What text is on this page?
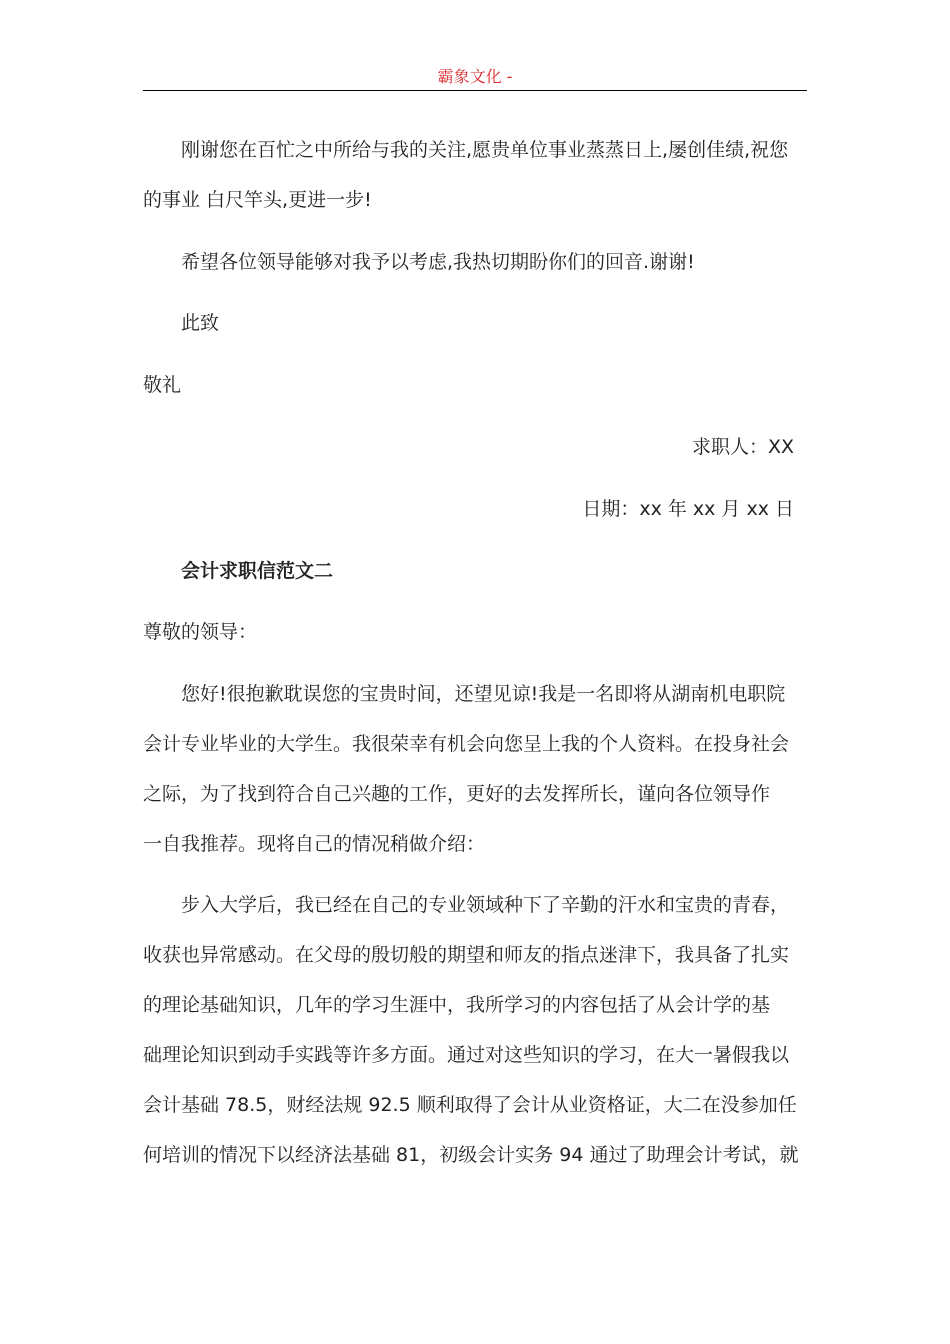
霸象文化 -
刚谢您在百忙之中所给与我的关注,愿贵单位事业蒸蒸日上,屡创佳绩,祝您
的事业 白尺竿头,更进一步!
希望各位领导能够对我予以考虑,我热切期盼你们的回音.谢谢!
此致
敬礼
求职人：XX
日期：xx 年 xx 月 xx 日
会计求职信范文二
尊敬的领导：
您好!很抱歉耽误您的宝贵时间，还望见谅!我是一名即将从湖南机电职院
会计专业毕业的大学生。我很荣幸有机会向您呈上我的个人资料。在投身社会
之际，为了找到符合自己兴趣的工作，更好的去发挥所长，谨向各位领导作
一自我推荐。现将自己的情况稍做介绍：
步入大学后，我已经在自己的专业领域种下了辛勤的汗水和宝贵的青春，
收获也异常感动。在父母的殷切般的期望和师友的指点迷津下，我具备了扎实
的理论基础知识，几年的学习生涯中，我所学习的内容包括了从会计学的基
础理论知识到动手实践等许多方面。通过对这些知识的学习，在大一暑假我以
会计基础 78.5，财经法规 92.5 顺利取得了会计从业资格证，大二在没参加任
何培训的情况下以经济法基础 81，初级会计实务 94 通过了助理会计考试，就
